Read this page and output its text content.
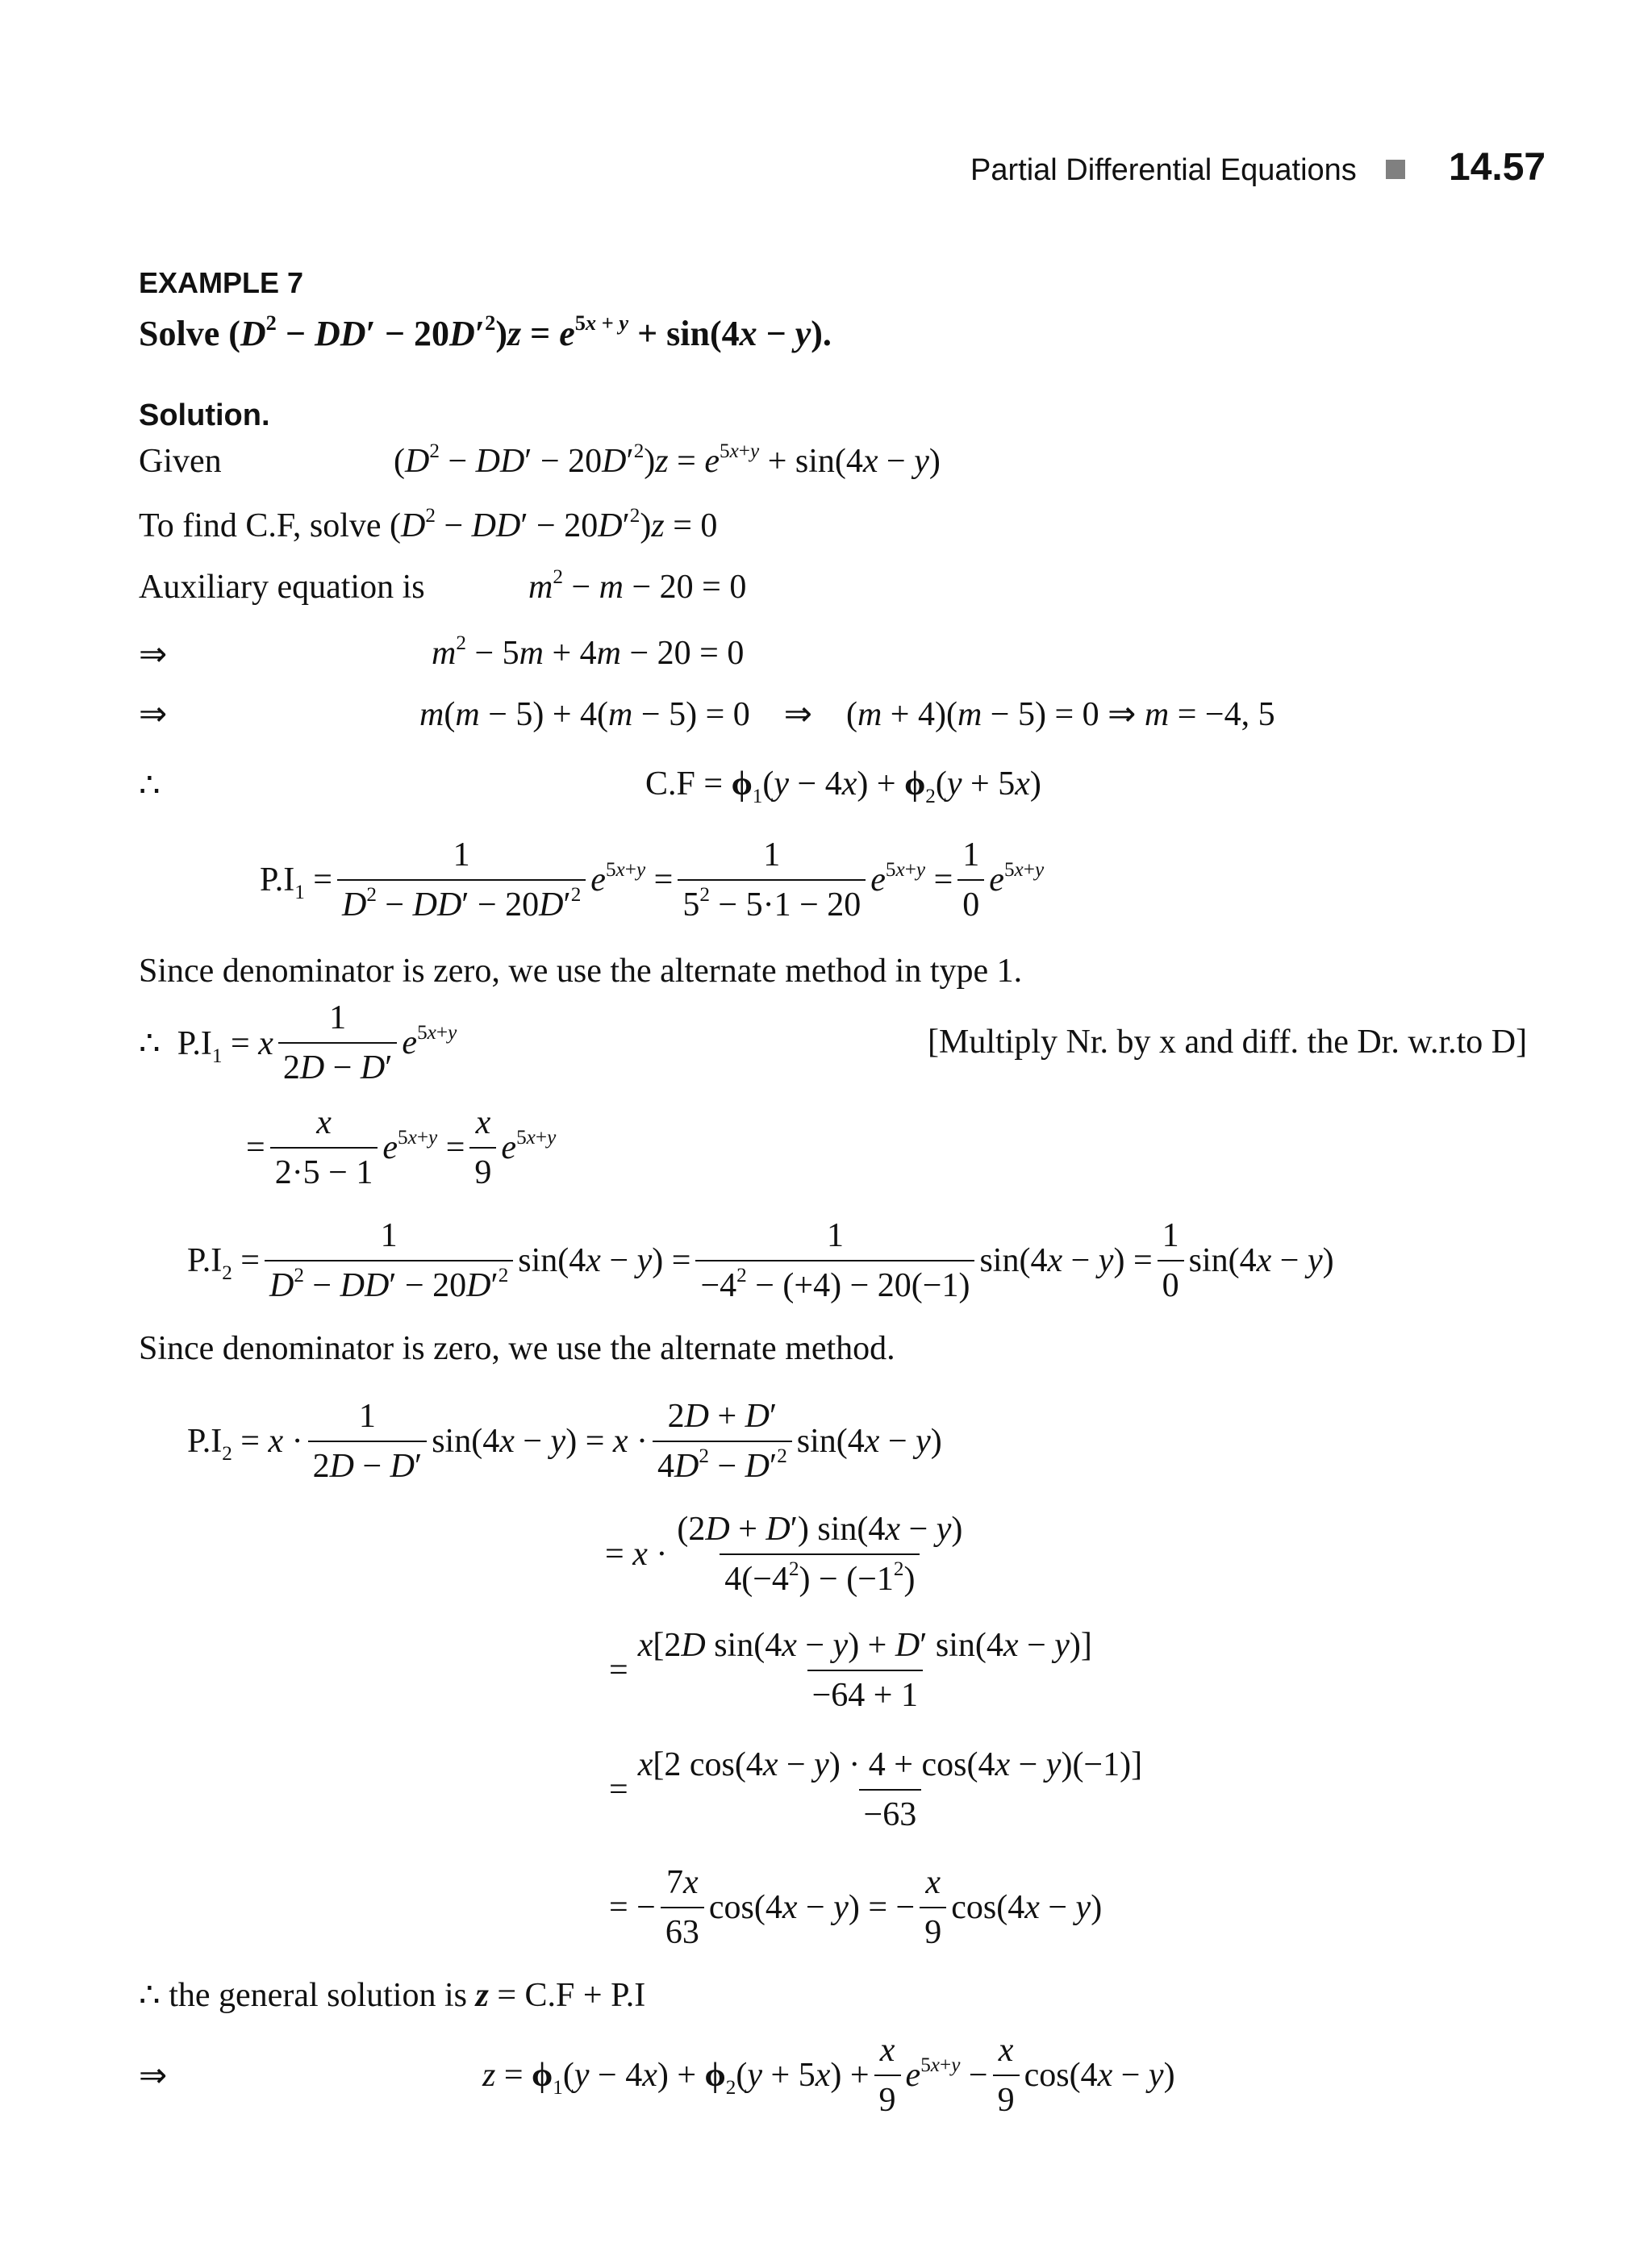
Partial Differential Equations 14.57
EXAMPLE 7
Solve $(D^2 - DD' - 20D'^2)z = e^{5x + y} + \sin(4x - y)$.
Solution.
Given	$(D^2 - DD' - 20D'^2)z = e^{5x+y} + \sin(4x - y)$
To find C.F, solve $(D^2 - DD' - 20D'^2)z = 0$
Auxiliary equation is	$m^2 - m - 20 = 0$
⇒	$m^2 - 5m + 4m - 20 = 0$
⇒	m(m − 5) + 4(m − 5) = 0    ⇒    (m + 4)(m − 5) = 0 ⇒ m = −4, 5
∴	$C.F = \phi_1(y - 4x) + \phi_2(y + 5x)$
$P.I_1 = \frac{1}{D^2 - DD' - 20D'^2} e^{5x+y} = \frac{1}{5^2 - 5\cdot 1 - 20} e^{5x+y} = \frac{1}{0} e^{5x+y}$
Since denominator is zero, we use the alternate method in type 1.
∴  $P.I_1 = x \frac{1}{2D - D'} e^{5x+y}$	[Multiply Nr. by x and diff. the Dr. w.r.to D]
= $\frac{x}{2\cdot 5 - 1} e^{5x+y} = \frac{x}{9} e^{5x+y}$
$P.I_2 = \frac{1}{D^2 - DD' - 20D'^2} \sin(4x - y) = \frac{1}{-4^2 - (+4) - 20(-1)} \sin(4x - y) = \frac{1}{0} \sin(4x - y)$
Since denominator is zero, we use the alternate method.
$P.I_2 = x \cdot \frac{1}{2D - D'} \sin(4x - y) = x \cdot \frac{2D + D'}{4D^2 - D'^2} \sin(4x - y)$
= $x \cdot \frac{(2D + D') \sin(4x - y)}{4(-4^2) - (-1^2)}$
= $\frac{\text{x[2D sin(4x − y) + D′ sin(4x − y)]}}{-64 + 1}$
= $\frac{x[2 \cos(4x - y) \cdot 4 + \cos(4x - y)(-1)]}{-63}$
= − $\frac{7x}{63} \cos(4x - y)$ = − $\frac{x}{9} \cos(4x - y)$
∴ the general solution is z = C.F + P.I
⇒	$z = \phi_1(y - 4x) + \phi_2(y + 5x) + \frac{x}{9} e^{5x+y} - \frac{x}{9} \cos(4x - y)$
